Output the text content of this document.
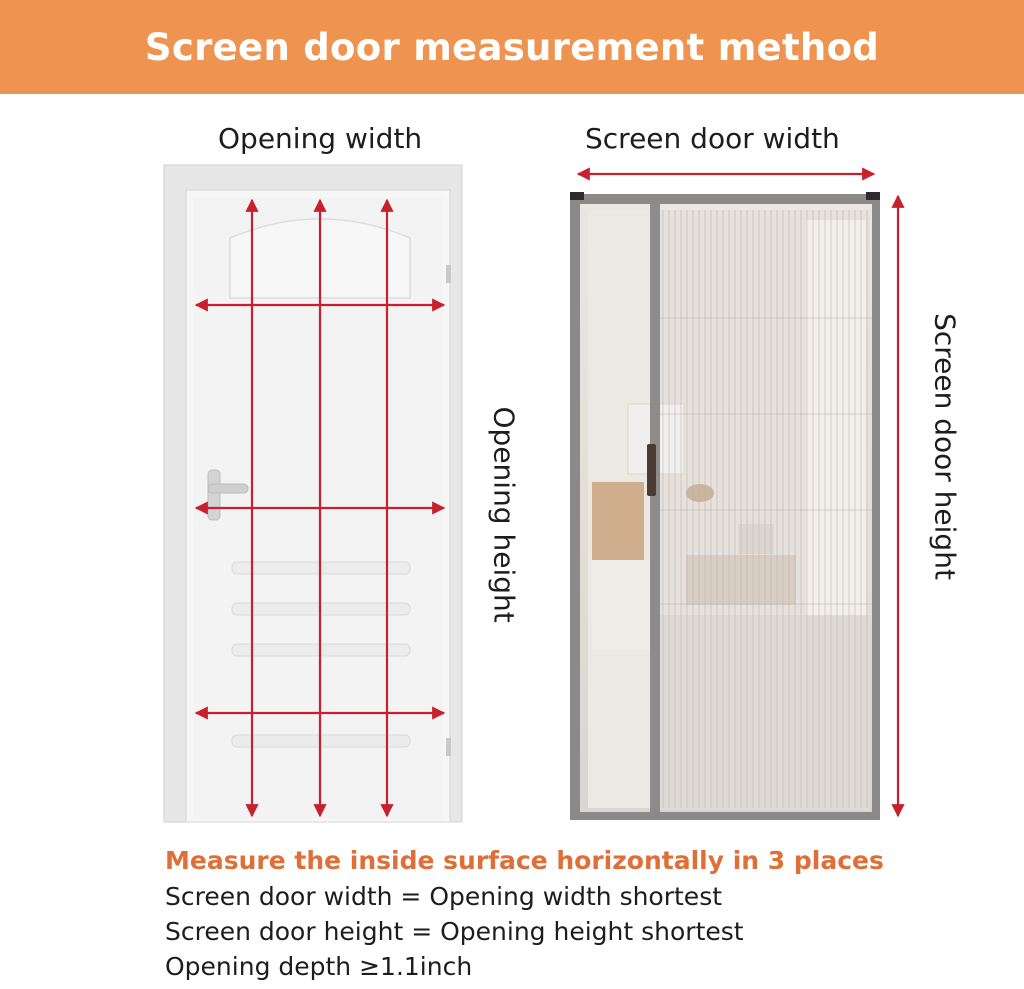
Screen door measurement method
Opening width	Screen door width
Opening height	Screen door height
Measure the inside surface horizontally in 3 places
Screen door width = Opening width shortest
Screen door height = Opening height shortest
Opening depth ≥1.1inch
